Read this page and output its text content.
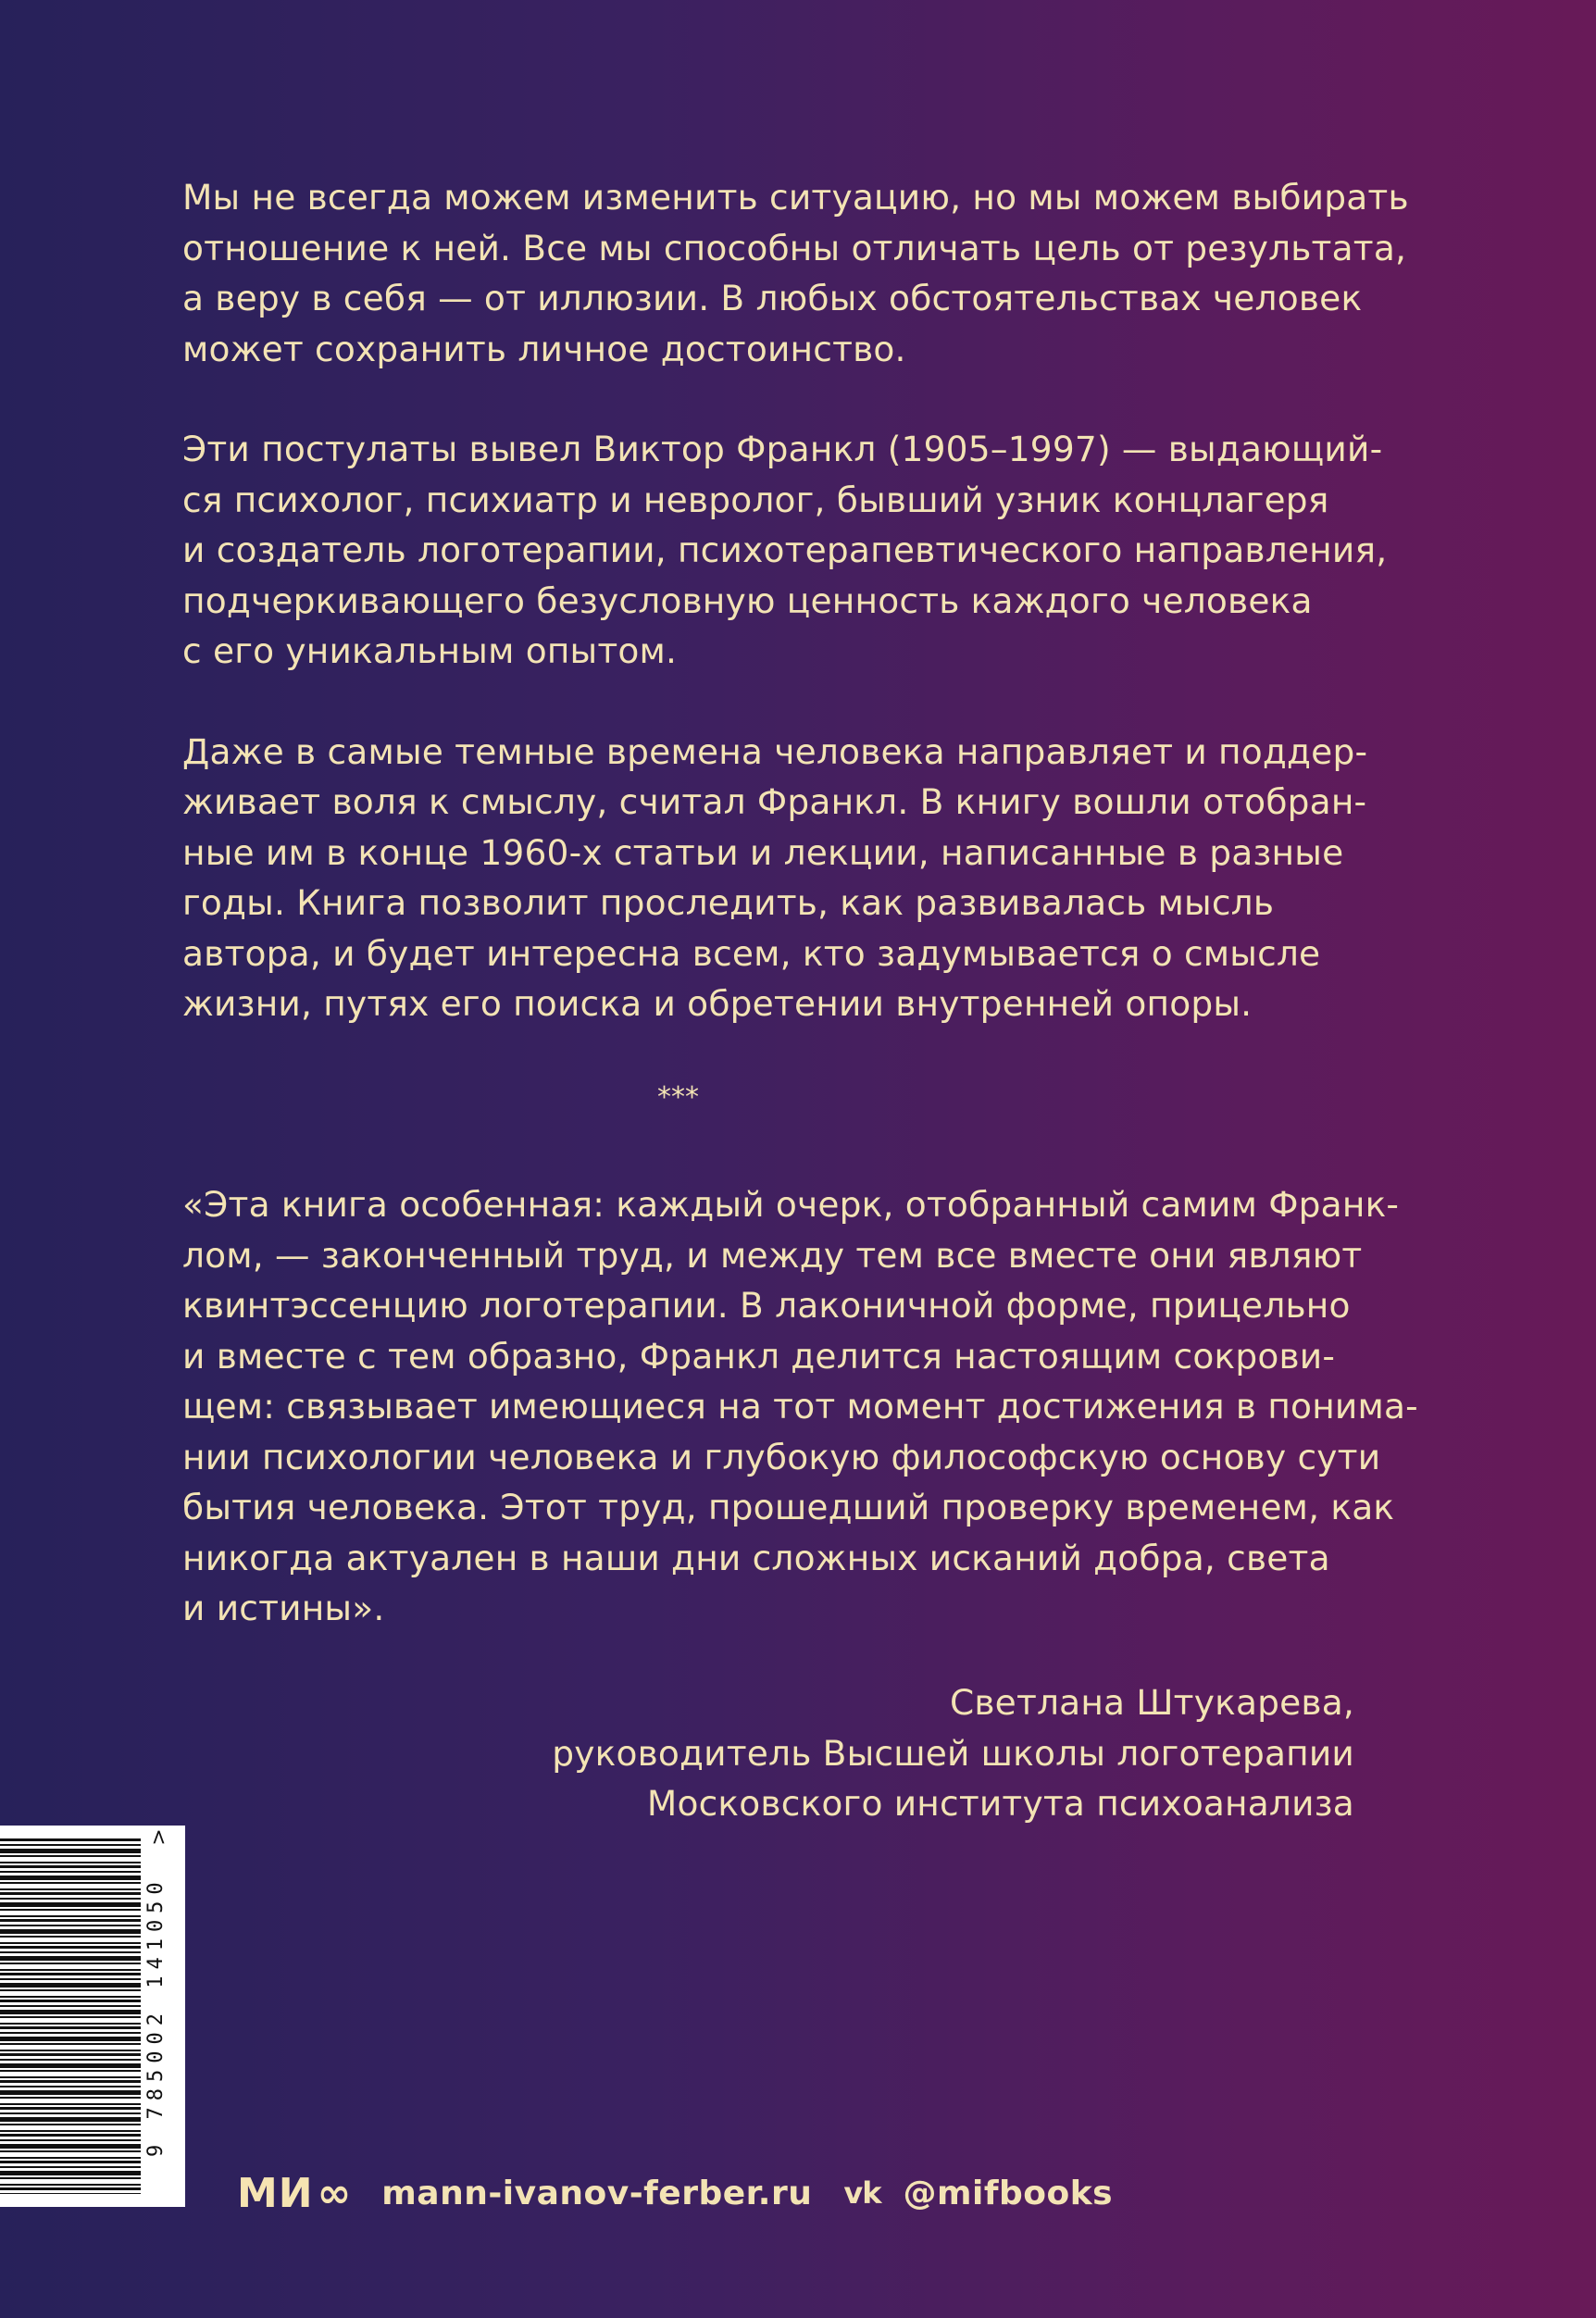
Мы не всегда можем изменить ситуацию, но мы можем выбирать
отношение к ней. Все мы способны отличать цель от результата,
а веру в себя — от иллюзии. В любых обстоятельствах человек
может сохранить личное достоинство.
Эти постулаты вывел Виктор Франкл (1905–1997) — выдающий-
ся психолог, психиатр и невролог, бывший узник концлагеря
и создатель логотерапии, психотерапевтического направления,
подчеркивающего безусловную ценность каждого человека
с его уникальным опытом.
Даже в самые темные времена человека направляет и поддер-
живает воля к смыслу, считал Франкл. В книгу вошли отобран-
ные им в конце 1960-х статьи и лекции, написанные в разные
годы. Книга позволит проследить, как развивалась мысль
автора, и будет интересна всем, кто задумывается о смысле
жизни, путях его поиска и обретении внутренней опоры.
***
«Эта книга особенная: каждый очерк, отобранный самим Франк-
лом, — законченный труд, и между тем все вместе они являют
квинтэссенцию логотерапии. В лаконичной форме, прицельно
и вместе с тем образно, Франкл делится настоящим сокрови-
щем: связывает имеющиеся на тот момент достижения в понима-
нии психологии человека и глубокую философскую основу сути
бытия человека. Этот труд, прошедший проверку временем, как
никогда актуален в наши дни сложных исканий добра, света
и истины».
Светлана Штукарева,
руководитель Высшей школы логотерапии
Московского института психоанализа
9 785002 141050
>
МИ ∞ mann-ivanov-ferber.ru vk @mifbooks
